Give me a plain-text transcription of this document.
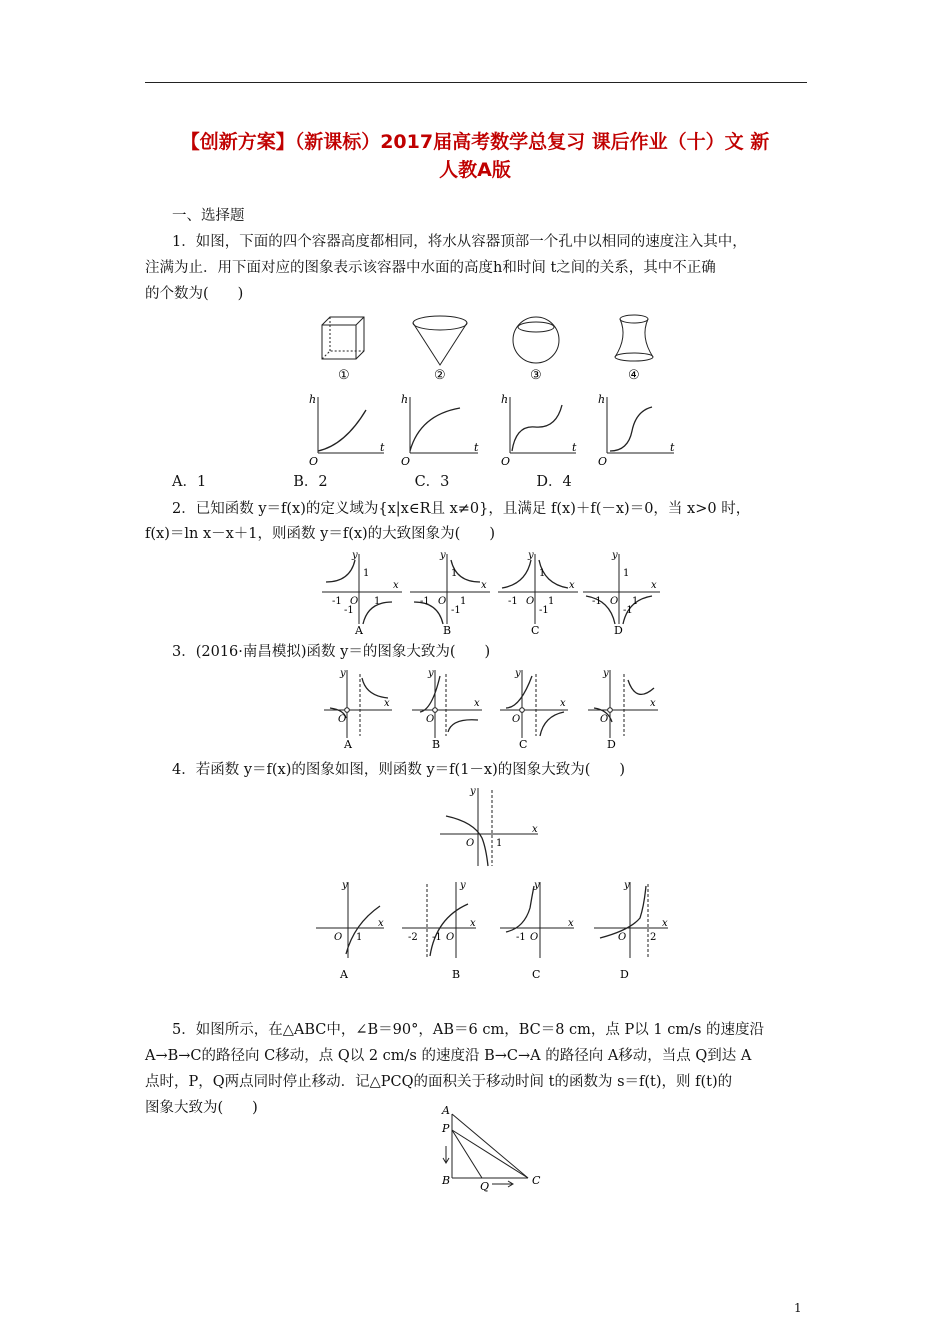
【创新方案】（新课标）2017届高考数学总复习 课后作业（十）文 新
人教A版
一、选择题
1．如图，下面的四个容器高度都相同，将水从容器顶部一个孔中以相同的速度注入其中，
注满为止．用下面对应的图象表示该容器中水面的高度h和时间 t之间的关系，其中不正确
的个数为(　　)
①	②	③	④
h
t
O
h
t
O
h
t
O
h
t
O
A．1　　　　　　B．2　　　　　　C．3　　　　　　D．4
2．已知函数 y＝f(x)的定义域为{x|x∈R且 x≠0}，且满足 f(x)＋f(－x)＝0，当 x>0 时，
f(x)＝ln x－x＋1，则函数 y＝f(x)的大致图象为(　　)
y
x
1
-1 O 1
-1
y
x
1
-1 O 1
-1
y
x
1
-1 O 1
-1
y
x
1
-1 O 1
-1
A	B	C	D
3．(2016·南昌模拟)函数 y＝的图象大致为(　　)
y
x
O
y
x
O
y
x
O
y
x
O
A	B	C	D
4．若函数 y＝f(x)的图象如图，则函数 y＝f(1－x)的图象大致为(　　)
y
x
O 1
y
x
O 1
y
x
-2 -1 O
y
x
-1 O
y
x
O 2
A	B	C	D
5．如图所示，在△ABC中，∠B＝90°，AB＝6 cm，BC＝8 cm，点 P以 1 cm/s 的速度沿
A→B→C的路径向 C移动，点 Q以 2 cm/s 的速度沿 B→C→A 的路径向 A移动，当点 Q到达 A
点时，P，Q两点同时停止移动．记△PCQ的面积关于移动时间 t的函数为 s＝f(t)，则 f(t)的
图象大致为(　　)	A
P
B	Q	C
1
